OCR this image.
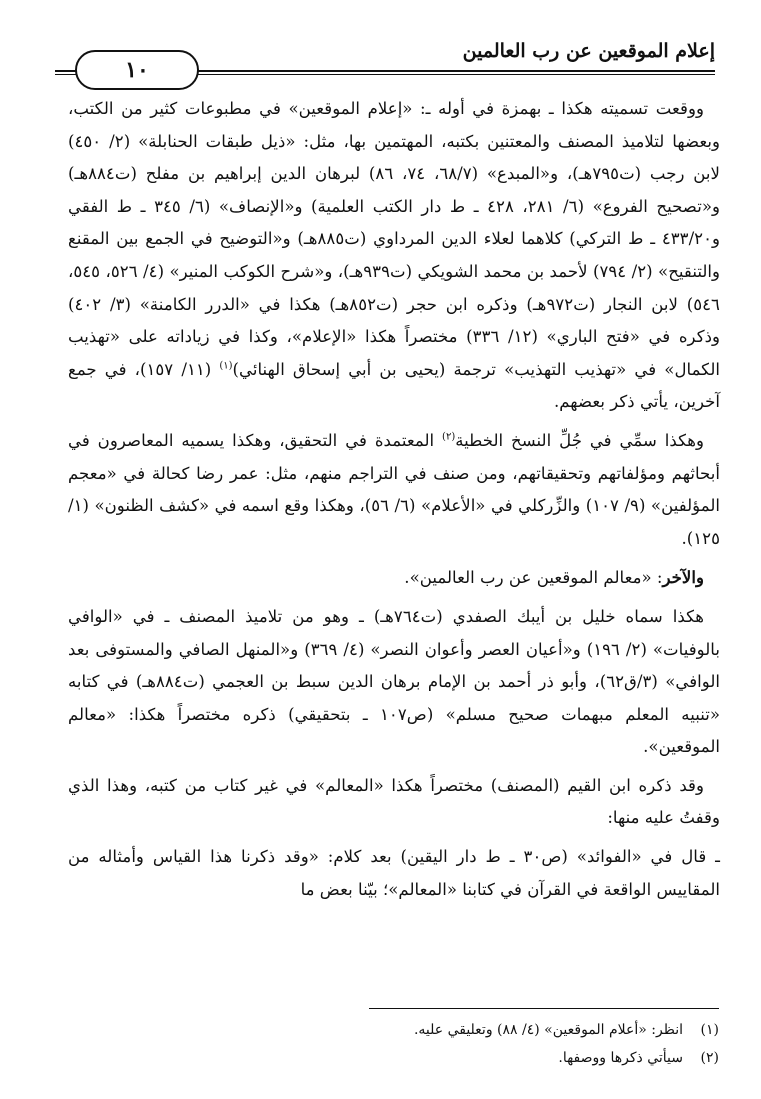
إعلام الموقعين عن رب العالمين
١٠

ووقعت تسميته هكذا ـ بهمزة في أوله ـ: «إعلام الموقعين» في مطبوعات كثير من الكتب، وبعضها لتلاميذ المصنف والمعتنين بكتبه، المهتمين بها، مثل: «ذيل طبقات الحنابلة» (٢/ ٤٥٠) لابن رجب (ت٧٩٥هـ)، و«المبدع» (٦٨/٧، ٧٤، ٨٦) لبرهان الدين إبراهيم بن مفلح (ت٨٨٤هـ) و«تصحيح الفروع» (٦/ ٢٨١، ٤٢٨ ـ ط دار الكتب العلمية) و«الإنصاف» (٦/ ٣٤٥ ـ ط الفقي و٤٣٣/٢٠ ـ ط التركي) كلاهما لعلاء الدين المرداوي (ت٨٨٥هـ) و«التوضيح في الجمع بين المقنع والتنقيح» (٢/ ٧٩٤) لأحمد بن محمد الشويكي (ت٩٣٩هـ)، و«شرح الكوكب المنير» (٤/ ٥٢٦، ٥٤٥، ٥٤٦) لابن النجار (ت٩٧٢هـ) وذكره ابن حجر (ت٨٥٢هـ) هكذا في «الدرر الكامنة» (٣/ ٤٠٢) وذكره في «فتح الباري» (١٢/ ٣٣٦) مختصراً هكذا «الإعلام»، وكذا في زياداته على «تهذيب الكمال» في «تهذيب التهذيب» ترجمة (يحيى بن أبي إسحاق الهنائي)$^{(١)}$ (١١/ ١٥٧)، في جمع آخرين، يأتي ذكر بعضهم.

وهكذا سمِّي في جُلِّ النسخ الخطية$^{(٢)}$ المعتمدة في التحقيق، وهكذا يسميه المعاصرون في أبحاثهم ومؤلفاتهم وتحقيقاتهم، ومن صنف في التراجم منهم، مثل: عمر رضا كحالة في «معجم المؤلفين» (٩/ ١٠٧) والزِّركلي في «الأعلام» (٦/ ٥٦)، وهكذا وقع اسمه في «كشف الظنون» (١/ ١٢٥).

والآخر: «معالم الموقعين عن رب العالمين».

هكذا سماه خليل بن أيبك الصفدي (ت٧٦٤هـ) ـ وهو من تلاميذ المصنف ـ في «الوافي بالوفيات» (٢/ ١٩٦) و«أعيان العصر وأعوان النصر» (٤/ ٣٦٩) و«المنهل الصافي والمستوفى بعد الوافي» (٣/ق٦٢)، وأبو ذر أحمد بن الإمام برهان الدين سبط بن العجمي (ت٨٨٤هـ) في كتابه «تنبيه المعلم مبهمات صحيح مسلم» (ص١٠٧ ـ بتحقيقي) ذكره مختصراً هكذا: «معالم الموقعين».

وقد ذكره ابن القيم (المصنف) مختصراً هكذا «المعالم» في غير كتاب من كتبه، وهذا الذي وقفتُ عليه منها:

ـ قال في «الفوائد» (ص٣٠ ـ ط دار اليقين) بعد كلام: «وقد ذكرنا هذا القياس وأمثاله من المقاييس الواقعة في القرآن في كتابنا «المعالم»؛ بيّنا بعض ما

(١)انظر: «أعلام الموقعين» (٤/ ٨٨) وتعليقي عليه.
(٢)سيأتي ذكرها ووصفها.
